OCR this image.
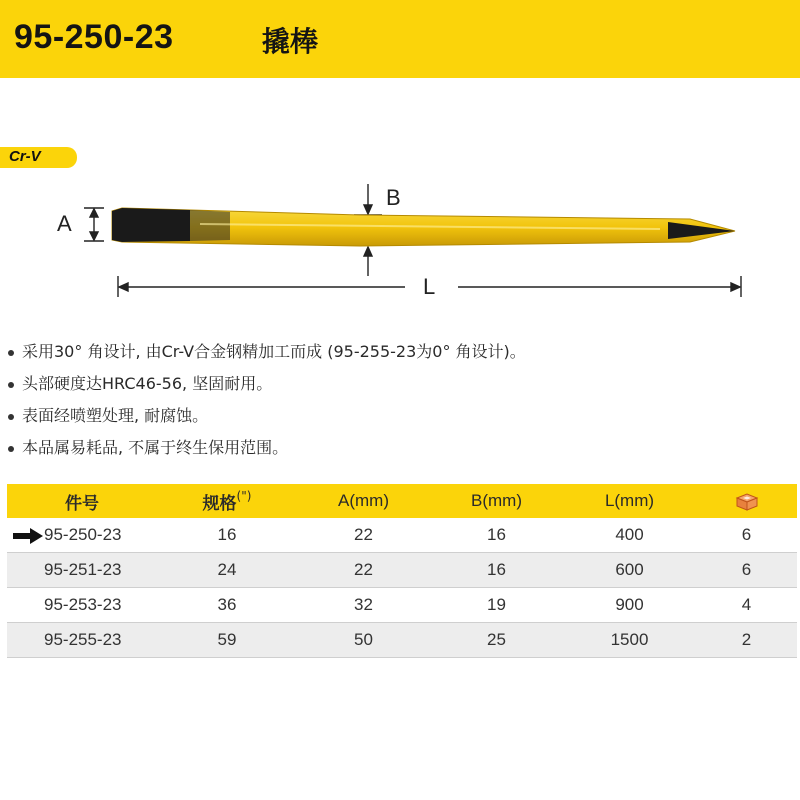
95-250-23	撬棒
Cr-V
A
B
L
采用30° 角设计, 由Cr-V合金钢精加工而成 (95-255-23为0° 角设计)。
头部硬度达HRC46-56, 坚固耐用。
表面经喷塑处理, 耐腐蚀。
本品属易耗品, 不属于终生保用范围。
件号	规格(")	A(mm)	B(mm)	L(mm)	

95-250-23	16	22	16	400	6
95-251-23	24	22	16	600	6
95-253-23	36	32	19	900	4
95-255-23	59	50	25	1500	2
